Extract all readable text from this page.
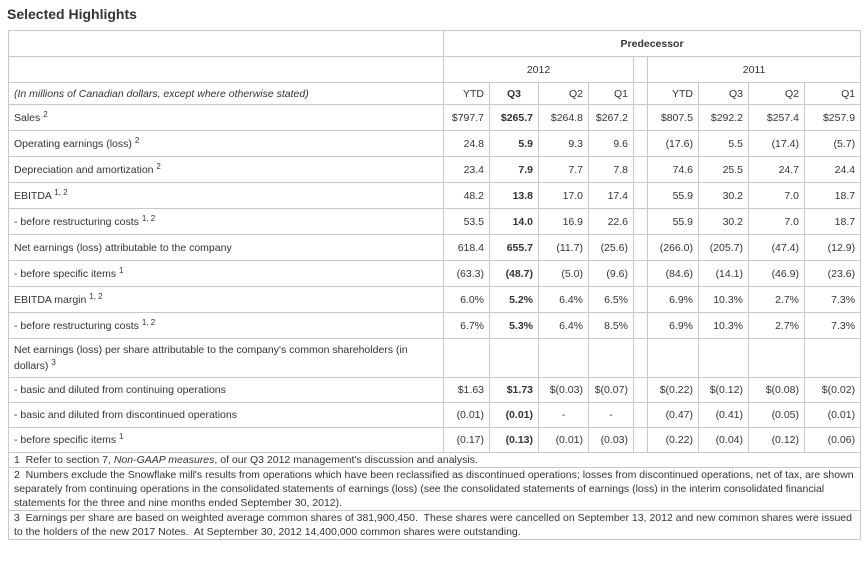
Selected Highlights
	Predecessor								
	2012					2011			
(In millions of Canadian dollars, except where otherwise stated)	YTD	Q3	Q2	Q1		YTD	Q3	Q2	Q1
Sales $^2$	$797.7	$265.7	$264.8	$267.2		$807.5	$292.2	$257.4	$257.9
Operating earnings (loss) $^2$	24.8	5.9	9.3	9.6		(17.6)	5.5	(17.4)	(5.7)
Depreciation and amortization $^2$	23.4	7.9	7.7	7.8		74.6	25.5	24.7	24.4
EBITDA $^{1, 2}$	48.2	13.8	17.0	17.4		55.9	30.2	7.0	18.7
- before restructuring costs $^{1, 2}$	53.5	14.0	16.9	22.6		55.9	30.2	7.0	18.7
Net earnings (loss) attributable to the company	618.4	655.7	(11.7)	(25.6)		(266.0)	(205.7)	(47.4)	(12.9)
- before specific items $^1$	(63.3)	(48.7)	(5.0)	(9.6)		(84.6)	(14.1)	(46.9)	(23.6)
EBITDA margin $^{1, 2}$	6.0%	5.2%	6.4%	6.5%		6.9%	10.3%	2.7%	7.3%
- before restructuring costs $^{1, 2}$	6.7%	5.3%	6.4%	8.5%		6.9%	10.3%	2.7%	7.3%
Net earnings (loss) per share attributable to the company's common shareholders (in dollars) $^3$									
- basic and diluted from continuing operations	$1.63	$1.73	$(0.03)	$(0.07)		$(0.22)	$(0.12)	$(0.08)	$(0.02)
- basic and diluted from discontinued operations	(0.01)	(0.01)	-	-		(0.47)	(0.41)	(0.05)	(0.01)
- before specific items $^1$	(0.17)	(0.13)	(0.01)	(0.03)		(0.22)	(0.04)	(0.12)	(0.06)
1  Refer to section 7, Non-GAAP measures, of our Q3 2012 management's discussion and analysis.									
2  Numbers exclude the Snowflake mill's results from operations which have been reclassified as discontinued operations; losses from discontinued operations, net of tax, are shown separately from continuing operations in the consolidated statements of earnings (loss) (see the consolidated statements of earnings (loss) in the interim consolidated financial statements for the three and nine months ended September 30, 2012).									
3  Earnings per share are based on weighted average common shares of 381,900,450.  These shares were cancelled on September 13, 2012 and new common shares were issued to the holders of the new 2017 Notes.  At September 30, 2012 14,400,000 common shares were outstanding.									
